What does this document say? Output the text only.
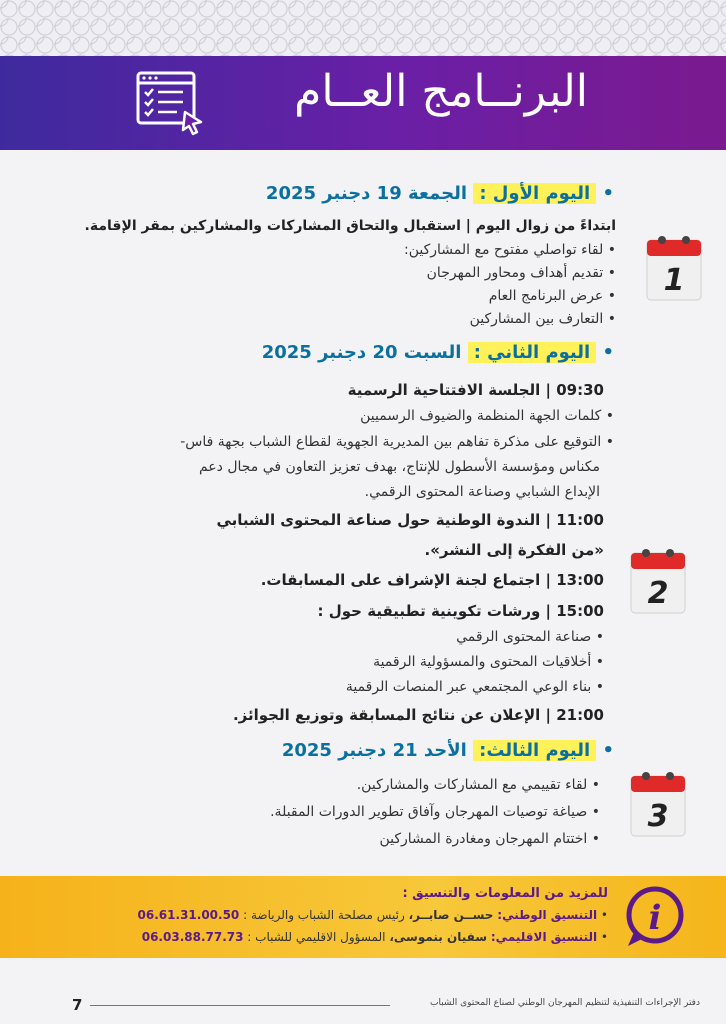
البرنــامج العــام
• اليوم الأول : الجمعة 19 دجنبر 2025
ابتداءً من زوال اليوم | استقبال والتحاق المشاركات والمشاركين بمقر الإقامة.
• لقاء تواصلي مفتوح مع المشاركين:
• تقديم أهداف ومحاور المهرجان
• عرض البرنامج العام
• التعارف بين المشاركين
1
• اليوم الثاني : السبت 20 دجنبر 2025
09:30 | الجلسة الافتتاحية الرسمية
• كلمات الجهة المنظمة والضيوف الرسميين
• التوقيع على مذكرة تفاهم بين المديرية الجهوية لقطاع الشباب بجهة فاس-
مكناس ومؤسسة الأسطول للإنتاج، بهدف تعزيز التعاون في مجال دعم
الإبداع الشبابي وصناعة المحتوى الرقمي.
11:00 | الندوة الوطنية حول صناعة المحتوى الشبابي
«من الفكرة إلى النشر».
13:00 | اجتماع لجنة الإشراف على المسابقات.
15:00 | ورشات تكوينية تطبيقية حول :
• صناعة المحتوى الرقمي
• أخلاقيات المحتوى والمسؤولية الرقمية
• بناء الوعي المجتمعي عبر المنصات الرقمية
21:00 | الإعلان عن نتائج المسابقة وتوزيع الجوائز.
2
• اليوم الثالث: الأحد 21 دجنبر 2025
• لقاء تقييمي مع المشاركات والمشاركين.
• صياغة توصيات المهرجان وآفاق تطوير الدورات المقبلة.
• اختتام المهرجان ومغادرة المشاركين
3
للمزيد من المعلومات والتنسيق :
• التنسيق الوطني: حســن صابــر، رئيس مصلحة الشباب والرياضة : 06.61.31.00.50
• التنسيق الاقليمي: سفيان بنموسى، المسؤول الاقليمي للشباب : 06.03.88.77.73	i
7	دفتر الإجراءات التنفيذية لتنظيم المهرجان الوطني لصناع المحتوى الشباب
